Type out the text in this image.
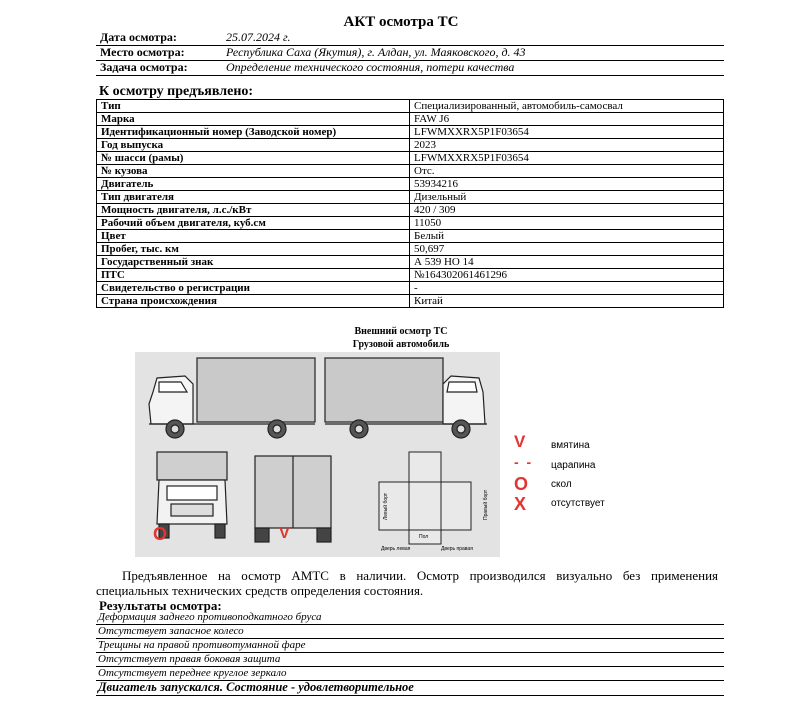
АКТ осмотра ТС
Дата осмотра:	25.07.2024 г.
Место осмотра:	Республика Саха (Якутия), г. Алдан, ул. Маяковского, д. 43
Задача осмотра:	Определение технического состояния, потери качества
К осмотру предъявлено:
Тип	Специализированный, автомобиль-самосвал
Марка	FAW J6
Идентификационный номер (Заводской номер)	LFWMXXRX5P1F03654
Год выпуска	2023
№ шасси (рамы)	LFWMXXRX5P1F03654
№ кузова	Отс.
Двигатель	53934216
Тип двигателя	Дизельный
Мощность двигателя, л.с./кВт	420 / 309
Рабочий объем двигателя, куб.см	11050
Цвет	Белый
Пробег, тыс. км	50,697
Государственный знак	А 539 НО 14
ПТС	№164302061461296
Свидетельство о регистрации	-
Страна происхождения	Китай
Внешний осмотр ТС
Грузовой автомобиль
Левый борт	Правый борт
Пол
Дверь левая	Дверь правая
O	V
V	вмятина
- - царапина
O скол
X отсутствует
Предъявленное на осмотр АМТС в наличии. Осмотр производился визуально без применения специальных технических средств определения состояния.
Результаты осмотра:
Деформация заднего противоподкатного бруса
Отсутствует запасное колесо
Трещины на правой противотуманной фаре
Отсутствует правая боковая защита
Отсутствует переднее круглое зеркало
Двигатель запускался. Состояние - удовлетворительное
